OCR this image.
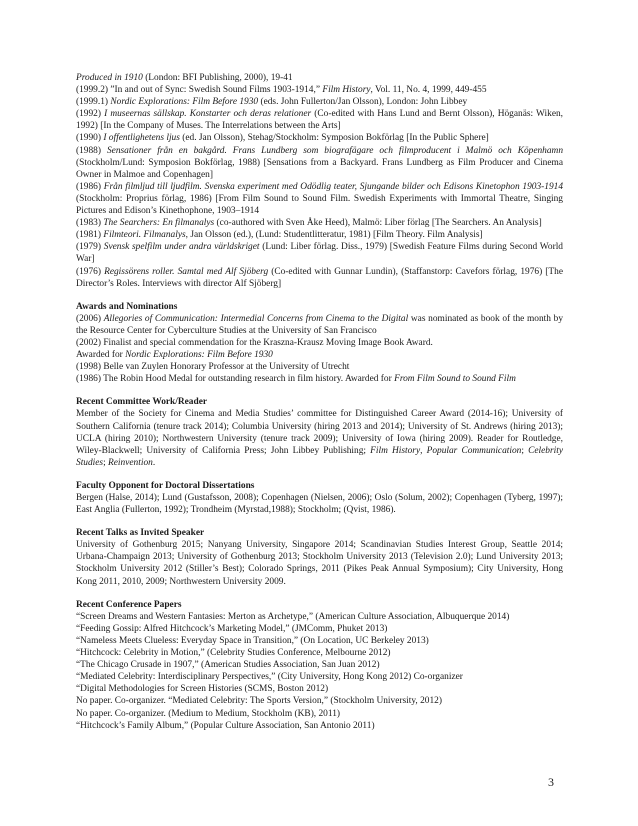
Produced in 1910 (London: BFI Publishing, 2000), 19-41

(1999.2) ”In and out of Sync: Swedish Sound Films 1903-1914,” Film History, Vol. 11, No. 4, 1999, 449-455

(1999.1) Nordic Explorations: Film Before 1930 (eds. John Fullerton/Jan Olsson), London: John Libbey

(1992) I museernas sällskap. Konstarter och deras relationer (Co-edited with Hans Lund and Bernt Olsson), Höganäs: Wiken, 1992) [In the Company of Muses. The Interrelations between the Arts]

(1990) I offentlighetens ljus (ed. Jan Olsson), Stehag/Stockholm: Symposion Bokförlag [In the Public Sphere]

(1988) Sensationer från en bakgård. Frans Lundberg som biografägare och filmproducent i Malmö och Köpenhamn (Stockholm/Lund: Symposion Bokförlag, 1988) [Sensations from a Backyard. Frans Lundberg as Film Producer and Cinema Owner in Malmoe and Copenhagen]

(1986) Från filmljud till ljudfilm. Svenska experiment med Odödlig teater, Sjungande bilder och Edisons Kinetophon 1903-1914 (Stockholm: Proprius förlag, 1986) [From Film Sound to Sound Film. Swedish Experiments with Immortal Theatre, Singing Pictures and Edison’s Kinethophone, 1903–1914

(1983) The Searchers: En filmanalys (co-authored with Sven Åke Heed), Malmö: Liber förlag [The Searchers. An Analysis]

(1981) Filmteori. Filmanalys, Jan Olsson (ed.), (Lund: Studentlitteratur, 1981) [Film Theory. Film Analysis]

(1979) Svensk spelfilm under andra världskriget (Lund: Liber förlag. Diss., 1979) [Swedish Feature Films during Second World War]

(1976) Regissörens roller. Samtal med Alf Sjöberg (Co-edited with Gunnar Lundin), (Staffanstorp: Cavefors förlag, 1976) [The Director’s Roles. Interviews with director Alf Sjöberg]

Awards and Nominations

(2006) Allegories of Communication: Intermedial Concerns from Cinema to the Digital was nominated as book of the month by the Resource Center for Cyberculture Studies at the University of San Francisco

(2002) Finalist and special commendation for the Kraszna-Krausz Moving Image Book Award.

Awarded for Nordic Explorations: Film Before 1930

(1998) Belle van Zuylen Honorary Professor at the University of Utrecht

(1986) The Robin Hood Medal for outstanding research in film history. Awarded for From Film Sound to Sound Film

Recent Committee Work/Reader

Member of the Society for Cinema and Media Studies’ committee for Distinguished Career Award (2014-16); University of Southern California (tenure track 2014); Columbia University (hiring 2013 and 2014); University of St. Andrews (hiring 2013); UCLA (hiring 2010); Northwestern University (tenure track 2009); University of Iowa (hiring 2009). Reader for Routledge, Wiley-Blackwell; University of California Press; John Libbey Publishing; Film History, Popular Communication; Celebrity Studies; Reinvention.

Faculty Opponent for Doctoral Dissertations

Bergen (Halse, 2014); Lund (Gustafsson, 2008); Copenhagen (Nielsen, 2006); Oslo (Solum, 2002); Copenhagen (Tyberg, 1997); East Anglia (Fullerton, 1992); Trondheim (Myrstad,1988); Stockholm; (Qvist, 1986).

Recent Talks as Invited Speaker

University of Gothenburg 2015; Nanyang University, Singapore 2014; Scandinavian Studies Interest Group, Seattle 2014; Urbana-Champaign 2013; University of Gothenburg 2013; Stockholm University 2013 (Television 2.0); Lund University 2013; Stockholm University 2012 (Stiller’s Best); Colorado Springs, 2011 (Pikes Peak Annual Symposium); City University, Hong Kong 2011, 2010, 2009; Northwestern University 2009.

Recent Conference Papers

“Screen Dreams and Western Fantasies: Merton as Archetype,” (American Culture Association, Albuquerque 2014)

“Feeding Gossip: Alfred Hitchcock’s Marketing Model,” (JMComm, Phuket 2013)

“Nameless Meets Clueless: Everyday Space in Transition,” (On Location, UC Berkeley 2013)

“Hitchcock: Celebrity in Motion,” (Celebrity Studies Conference, Melbourne 2012)

“The Chicago Crusade in 1907,” (American Studies Association, San Juan 2012)

“Mediated Celebrity: Interdisciplinary Perspectives,” (City University, Hong Kong 2012) Co-organizer

“Digital Methodologies for Screen Histories (SCMS, Boston 2012)

No paper. Co-organizer. “Mediated Celebrity: The Sports Version,” (Stockholm University, 2012)

No paper. Co-organizer. (Medium to Medium, Stockholm (KB), 2011)

“Hitchcock’s Family Album,” (Popular Culture Association, San Antonio 2011)

3
